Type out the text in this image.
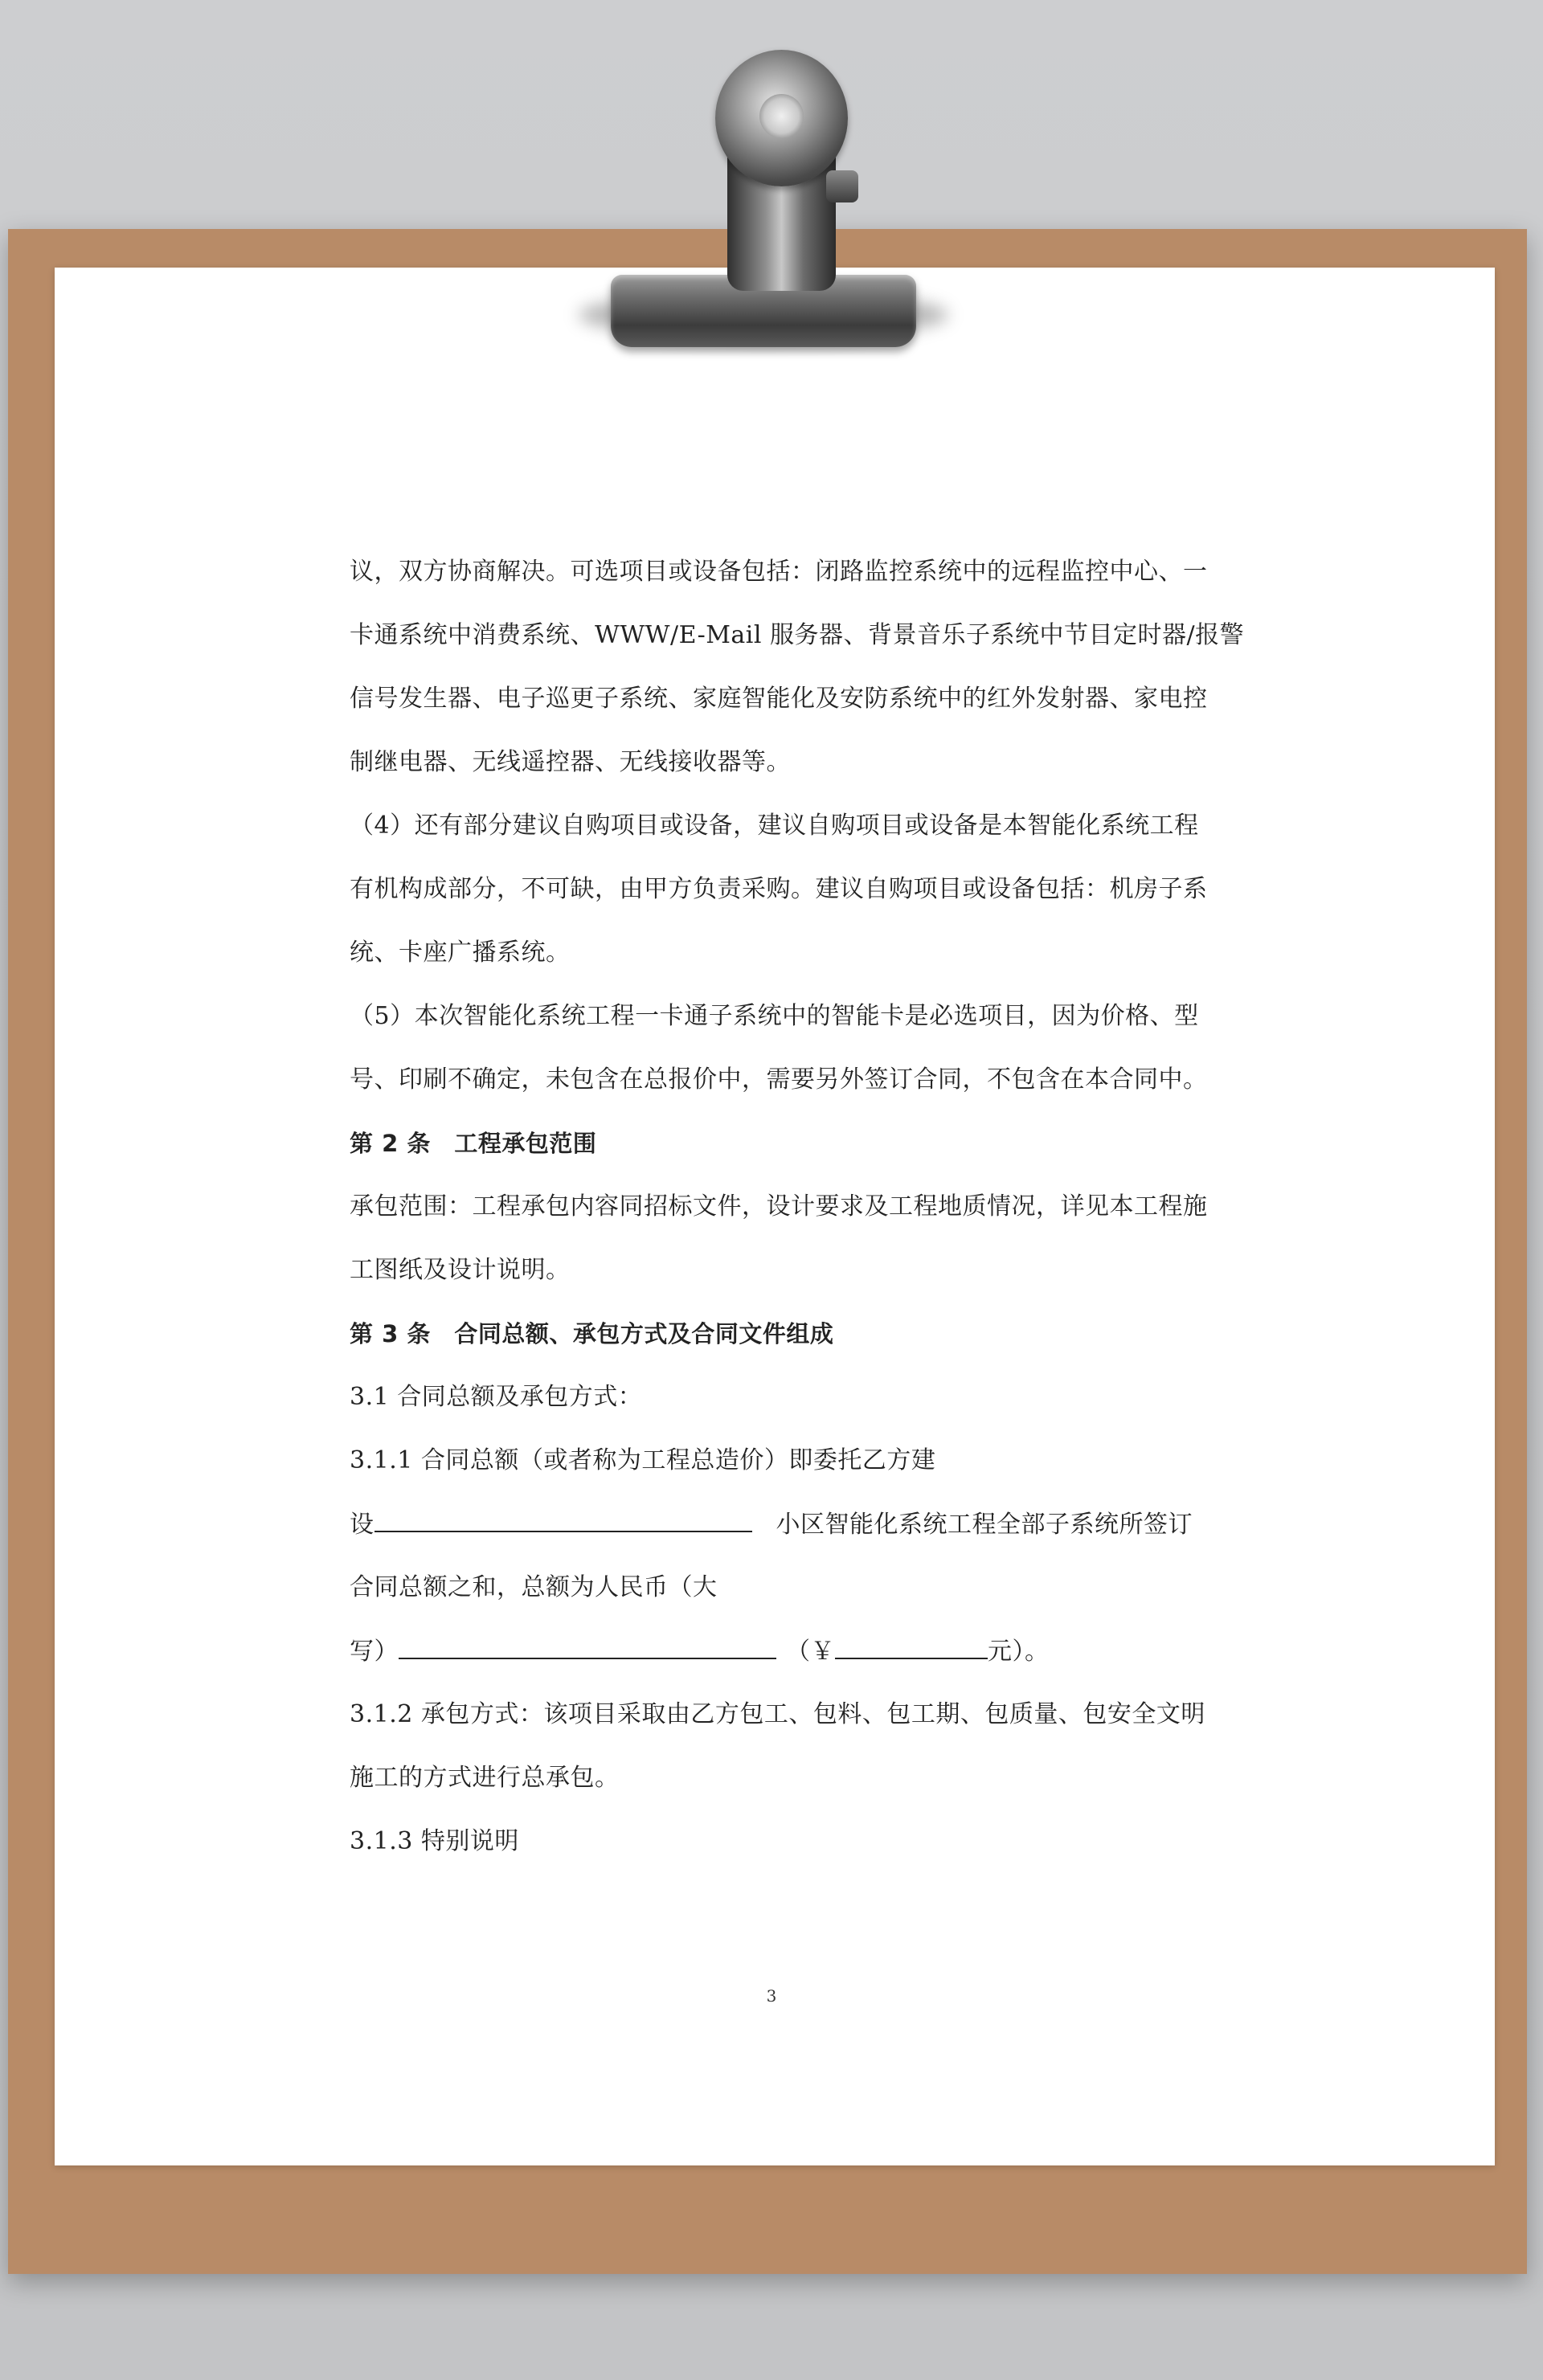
议，双方协商解决。可选项目或设备包括：闭路监控系统中的远程监控中心、一
卡通系统中消费系统、WWW/E-Mail 服务器、背景音乐子系统中节目定时器/报警
信号发生器、电子巡更子系统、家庭智能化及安防系统中的红外发射器、家电控
制继电器、无线遥控器、无线接收器等。
（4）还有部分建议自购项目或设备，建议自购项目或设备是本智能化系统工程
有机构成部分，不可缺，由甲方负责采购。建议自购项目或设备包括：机房子系
统、卡座广播系统。
（5）本次智能化系统工程一卡通子系统中的智能卡是必选项目，因为价格、型
号、印刷不确定，未包含在总报价中，需要另外签订合同，不包含在本合同中。
第 2 条　工程承包范围
承包范围：工程承包内容同招标文件，设计要求及工程地质情况，详见本工程施
工图纸及设计说明。
第 3 条　合同总额、承包方式及合同文件组成
3.1 合同总额及承包方式：
3.1.1 合同总额（或者称为工程总造价）即委托乙方建
设	小区智能化系统工程全部子系统所签订
合同总额之和，总额为人民币（大
写）	（￥	元）。
3.1.2 承包方式：该项目采取由乙方包工、包料、包工期、包质量、包安全文明
施工的方式进行总承包。
3.1.3 特别说明
3
